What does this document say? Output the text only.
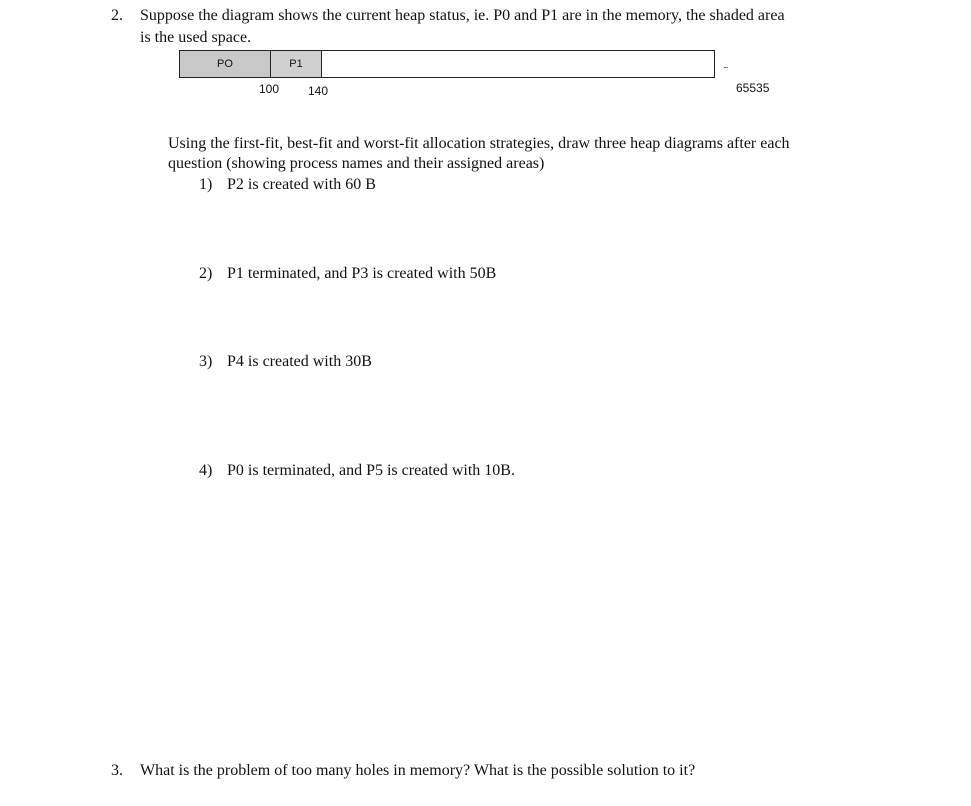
2. Suppose the diagram shows the current heap status, ie. P0 and P1 are in the memory, the shaded area
is the used space.
PO	P1	...
100 140	65535
Using the first-fit, best-fit and worst-fit allocation strategies, draw three heap diagrams after each
question (showing process names and their assigned areas)
1) P2 is created with 60 B
2) P1 terminated, and P3 is created with 50B
3) P4 is created with 30B
4) P0 is terminated, and P5 is created with 10B.
3. What is the problem of too many holes in memory? What is the possible solution to it?
